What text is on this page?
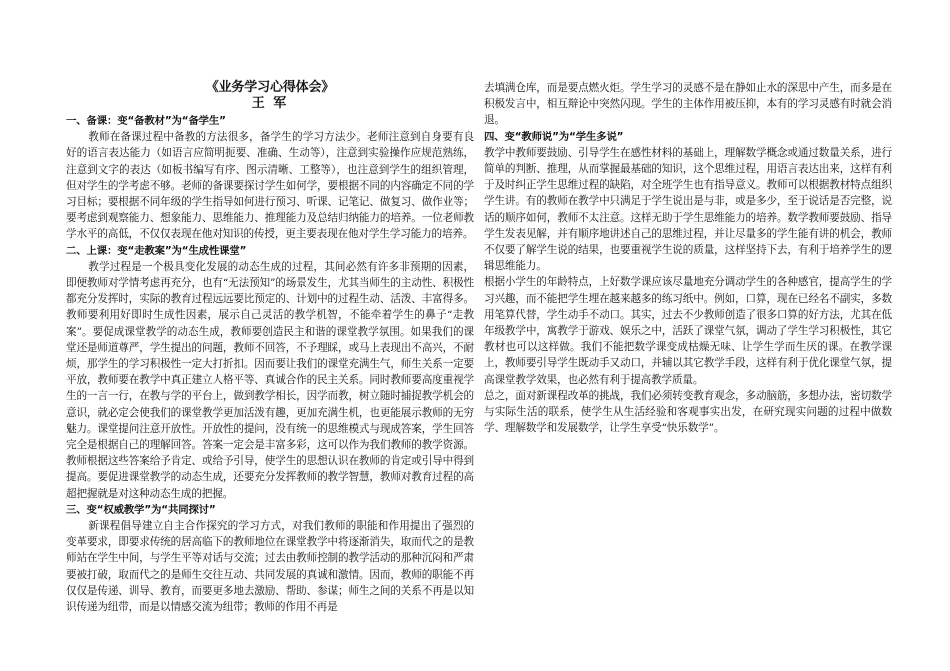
《业务学习心得体会》

王 军

一、备课：变“备教材”为“备学生”

教师在备课过程中备教的方法很多，备学生的学习方法少。老师注意到自身要有良好的语言表达能力（如语言应简明扼要、准确、生动等），注意到实验操作应规范熟练，注意到文字的表达（如板书编写有序、图示清晰、工整等），也注意到学生的组织管理，但对学生的学考虑不够。老师的备课要探讨学生如何学，要根据不同的内容确定不同的学习目标；要根据不同年级的学生指导如何进行预习、听课、记笔记、做复习、做作业等；要考虑到观察能力、想象能力、思维能力、推理能力及总结归纳能力的培养。一位老师教学水平的高低，不仅仅表现在他对知识的传授，更主要表现在他对学生学习能力的培养。

二、上课：变“走教案”为“生成性课堂”

教学过程是一个极具变化发展的动态生成的过程，其间必然有许多非预期的因素，即便教师对学情考虑再充分，也有“无法预知”的场景发生，尤其当师生的主动性、积极性都充分发挥时，实际的教育过程远远要比预定的、计划中的过程生动、活泼、丰富得多。教师要利用好即时生成性因素，展示自己灵活的教学机智，不能牵着学生的鼻子“走教案”。要促成课堂教学的动态生成，教师要创造民主和谐的课堂教学氛围。如果我们的课堂还是师道尊严，学生提出的问题，教师不回答，不予理睬，或马上表现出不高兴，不耐烦，那学生的学习积极性一定大打折扣。因而要让我们的课堂充满生气，师生关系一定要平放，教师要在教学中真正建立人格平等、真诚合作的民主关系。同时教师要高度重视学生的一言一行，在教与学的平台上，做到教学相长，因学而教，树立随时捕捉教学机会的意识，就必定会使我们的课堂教学更加活泼有趣，更加充满生机，也更能展示教师的无穷魅力。课堂提问注意开放性。开放性的提问，没有统一的思维模式与现成答案，学生回答完全是根据自己的理解回答。答案一定会是丰富多彩，这可以作为我们教师的教学资源。教师根据这些答案给予肯定、或给予引导，使学生的思想认识在教师的肯定或引导中得到提高。要促进课堂教学的动态生成，还要充分发挥教师的教学智慧，教师对教育过程的高超把握就是对这种动态生成的把握。

三、变“权威教学”为“共同探讨”

新课程倡导建立自主合作探究的学习方式，对我们教师的职能和作用提出了强烈的变革要求，即要求传统的居高临下的教师地位在课堂教学中将逐渐消失，取而代之的是教师站在学生中间，与学生平等对话与交流；过去由教师控制的教学活动的那种沉闷和严肃要被打破，取而代之的是师生交往互动、共同发展的真诚和激情。因而，教师的职能不再仅仅是传递、训导、教育，而要更多地去激励、帮助、参谋；师生之间的关系不再是以知识传递为纽带，而是以情感交流为纽带；教师的作用不再是

去填满仓库，而是要点燃火炬。学生学习的灵感不是在静如止水的深思中产生，而多是在积极发言中，相互辩论中突然闪现。学生的主体作用被压抑，本有的学习灵感有时就会消退。

四、变“教师说”为“学生多说”

教学中教师要鼓励、引导学生在感性材料的基础上，理解数学概念或通过数量关系，进行简单的判断、推理，从而掌握最基础的知识，这个思维过程，用语言表达出来，这样有利于及时纠正学生思维过程的缺陷，对全班学生也有指导意义。教师可以根据教材特点组织学生讲。有的教师在教学中只满足于学生说出是与非，或是多少，至于说话是否完整，说话的顺序如何，教师不太注意。这样无助于学生思维能力的培养。数学教师要鼓励、指导学生发表见解，并有顺序地讲述自己的思维过程，并让尽量多的学生能有讲的机会，教师不仅要了解学生说的结果，也要重视学生说的质量，这样坚持下去，有利于培养学生的逻辑思维能力。

根据小学生的年龄特点，上好数学课应该尽量地充分调动学生的各种感官，提高学生的学习兴趣，而不能把学生埋在越来越多的练习纸中。例如，口算，现在已经名不副实，多数用笔算代替，学生动手不动口。其实，过去不少教师创造了很多口算的好方法，尤其在低年级教学中，寓教学于游戏、娱乐之中，活跃了课堂气氛，调动了学生学习积极性，其它教材也可以这样做。我们不能把数学课变成枯燥无味、让学生学而生厌的课。在教学课上，教师要引导学生既动手又动口，并辅以其它教学手段，这样有利于优化课堂气氛，提高课堂教学效果，也必然有利于提高教学质量。

总之，面对新课程改革的挑战，我们必须转变教育观念，多动脑筋，多想办法，密切数学与实际生活的联系，使学生从生活经验和客观事实出发，在研究现实问题的过程中做数学、理解数学和发展数学，让学生享受“快乐数学”。
